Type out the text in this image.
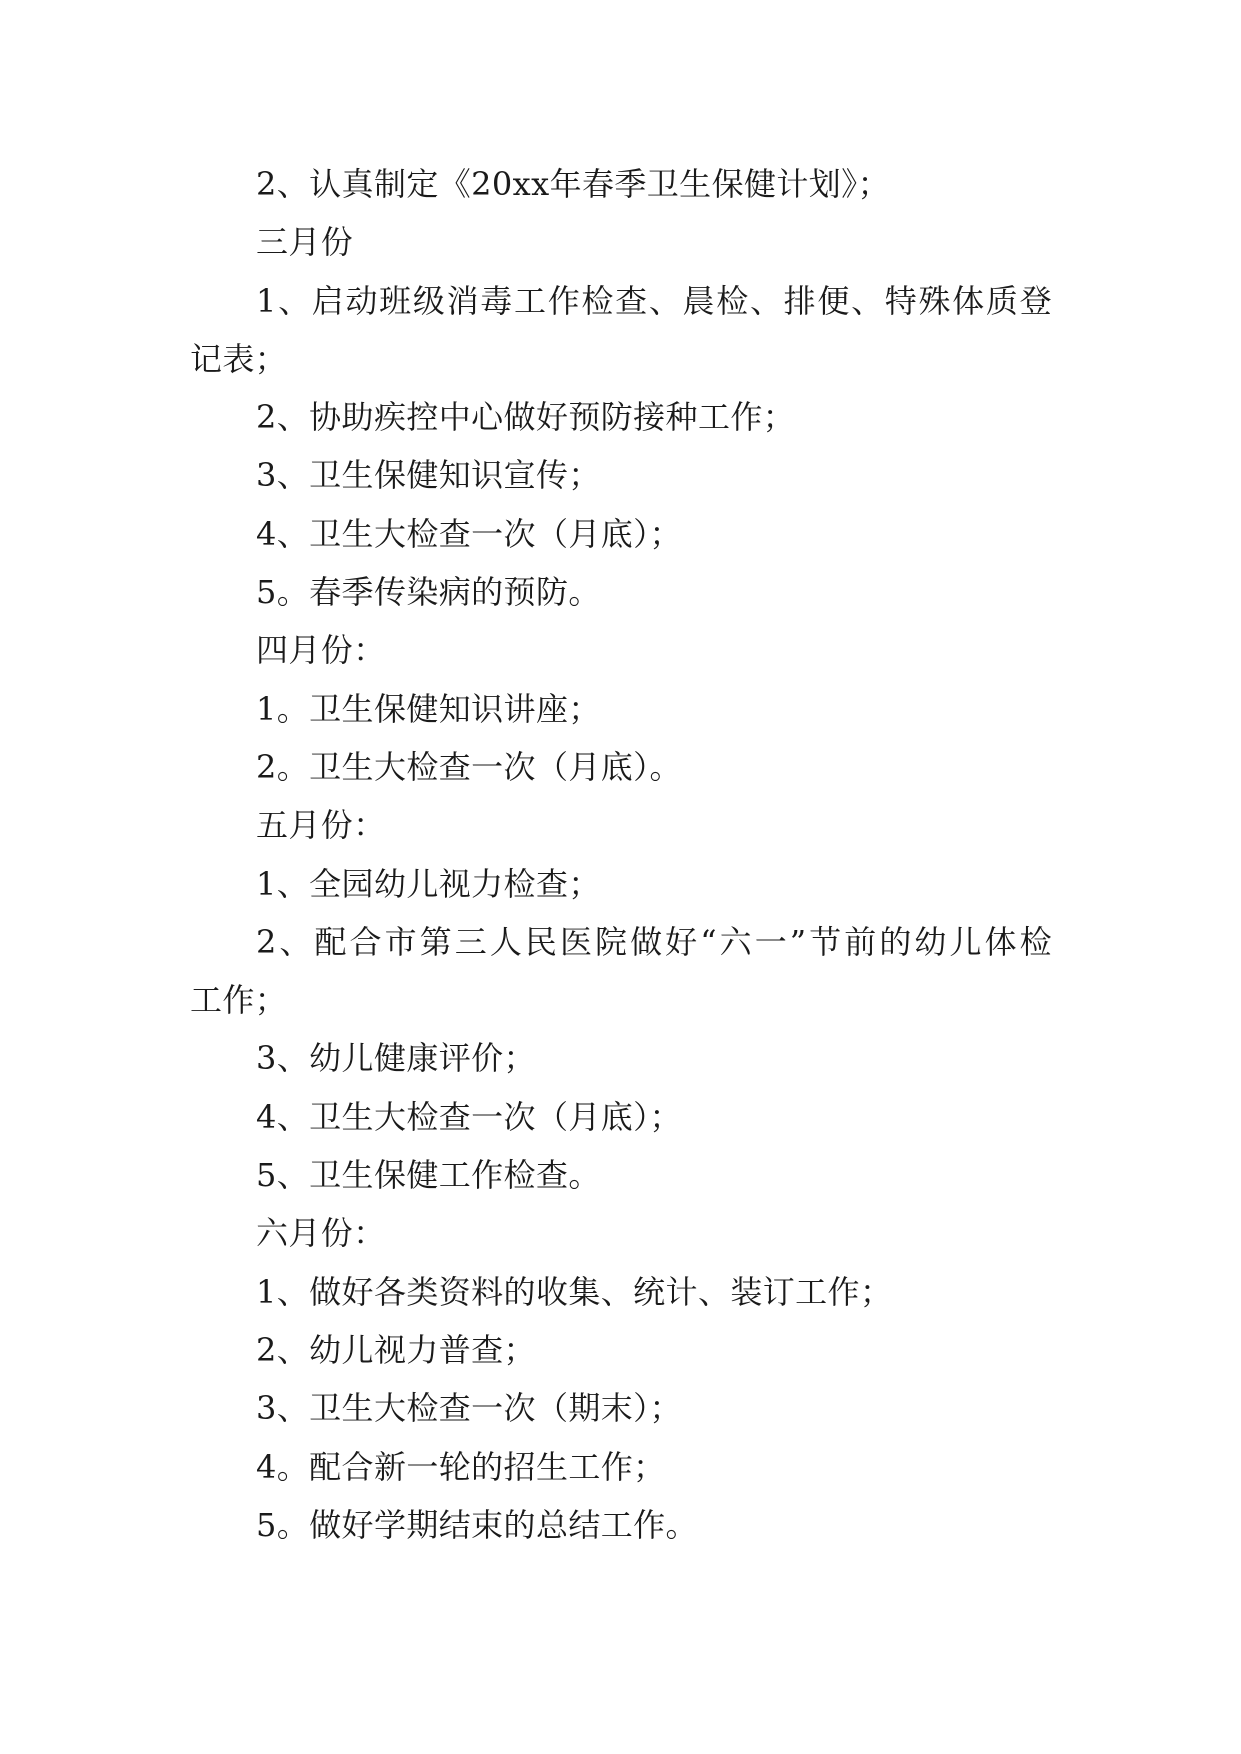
2、认真制定《20xx年春季卫生保健计划》；

三月份

1、启动班级消毒工作检查、晨检、排便、特殊体质登
记表；

2、协助疾控中心做好预防接种工作；

3、卫生保健知识宣传；

4、卫生大检查一次（月底）；

5。春季传染病的预防。

四月份：

1。卫生保健知识讲座；

2。卫生大检查一次（月底）。

五月份：

1、全园幼儿视力检查；

2、配合市第三人民医院做好“六一”节前的幼儿体检
工作；

3、幼儿健康评价；

4、卫生大检查一次（月底）；

5、卫生保健工作检查。

六月份：

1、做好各类资料的收集、统计、装订工作；

2、幼儿视力普查；

3、卫生大检查一次（期末）；

4。配合新一轮的招生工作；

5。做好学期结束的总结工作。
